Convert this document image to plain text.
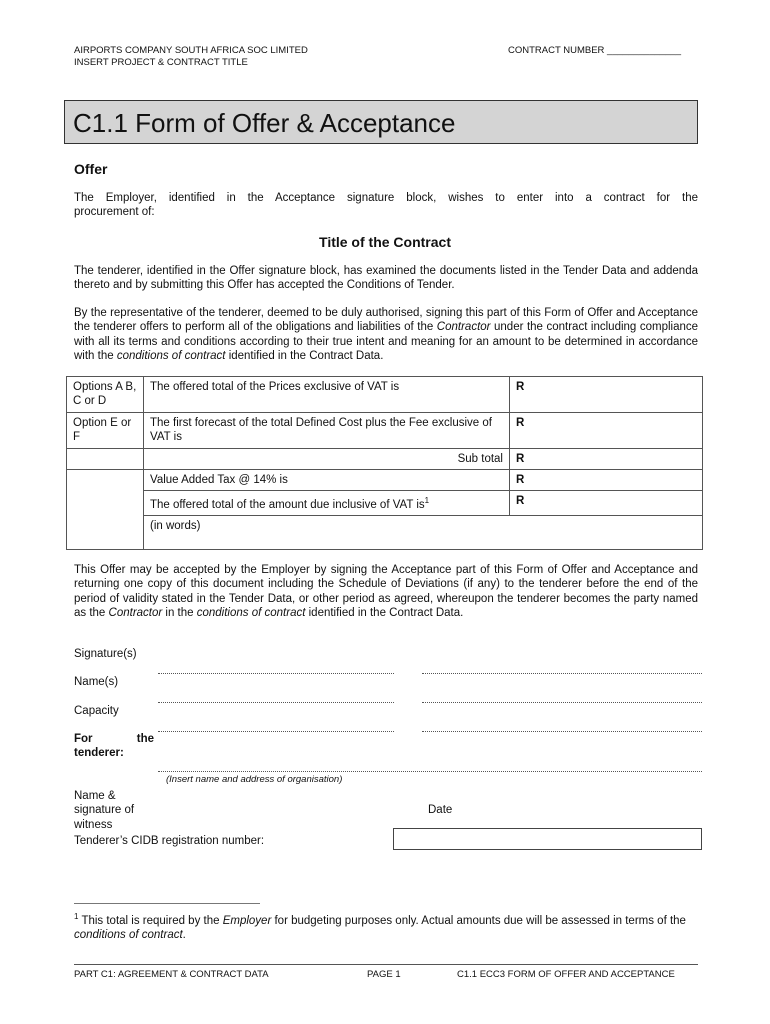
AIRPORTS COMPANY SOUTH AFRICA SOC LIMITED
INSERT PROJECT & CONTRACT TITLE
CONTRACT NUMBER ______________
C1.1 Form of Offer & Acceptance
Offer
The Employer, identified in the Acceptance signature block, wishes to enter into a contract for the
procurement of:
Title of the Contract
The tenderer, identified in the Offer signature block, has examined the documents listed in the Tender Data and addenda thereto and by submitting this Offer has accepted the Conditions of Tender.
By the representative of the tenderer, deemed to be duly authorised, signing this part of this Form of Offer and Acceptance the tenderer offers to perform all of the obligations and liabilities of the Contractor under the contract including compliance with all its terms and conditions according to their true intent and meaning for an amount to be determined in accordance with the conditions of contract identified in the Contract Data.
Options A B, C or D	The offered total of the Prices exclusive of VAT is	R
Option E or F	The first forecast of the total Defined Cost plus the Fee exclusive of VAT is	R
	Sub total	R
	Value Added Tax @ 14% is	R
	The offered total of the amount due inclusive of VAT $is^1$	R
	(in words)	
This Offer may be accepted by the Employer by signing the Acceptance part of this Form of Offer and Acceptance and returning one copy of this document including the Schedule of Deviations (if any) to the tenderer before the end of the period of validity stated in the Tender Data, or other period as agreed, whereupon the tenderer becomes the party named as the Contractor in the conditions of contract identified in the Contract Data.
Signature(s)
Name(s)
Capacity
For the tenderer:
(Insert name and address of organisation)
Name & signature of witness
Date
Tenderer’s CIDB registration number:
$^1$ This total is required by the Employer for budgeting purposes only. Actual amounts due will be assessed in terms of the conditions of contract.
PART C1: AGREEMENT & CONTRACT DATA	PAGE 1	C1.1 ECC3 FORM OF OFFER AND ACCEPTANCE
